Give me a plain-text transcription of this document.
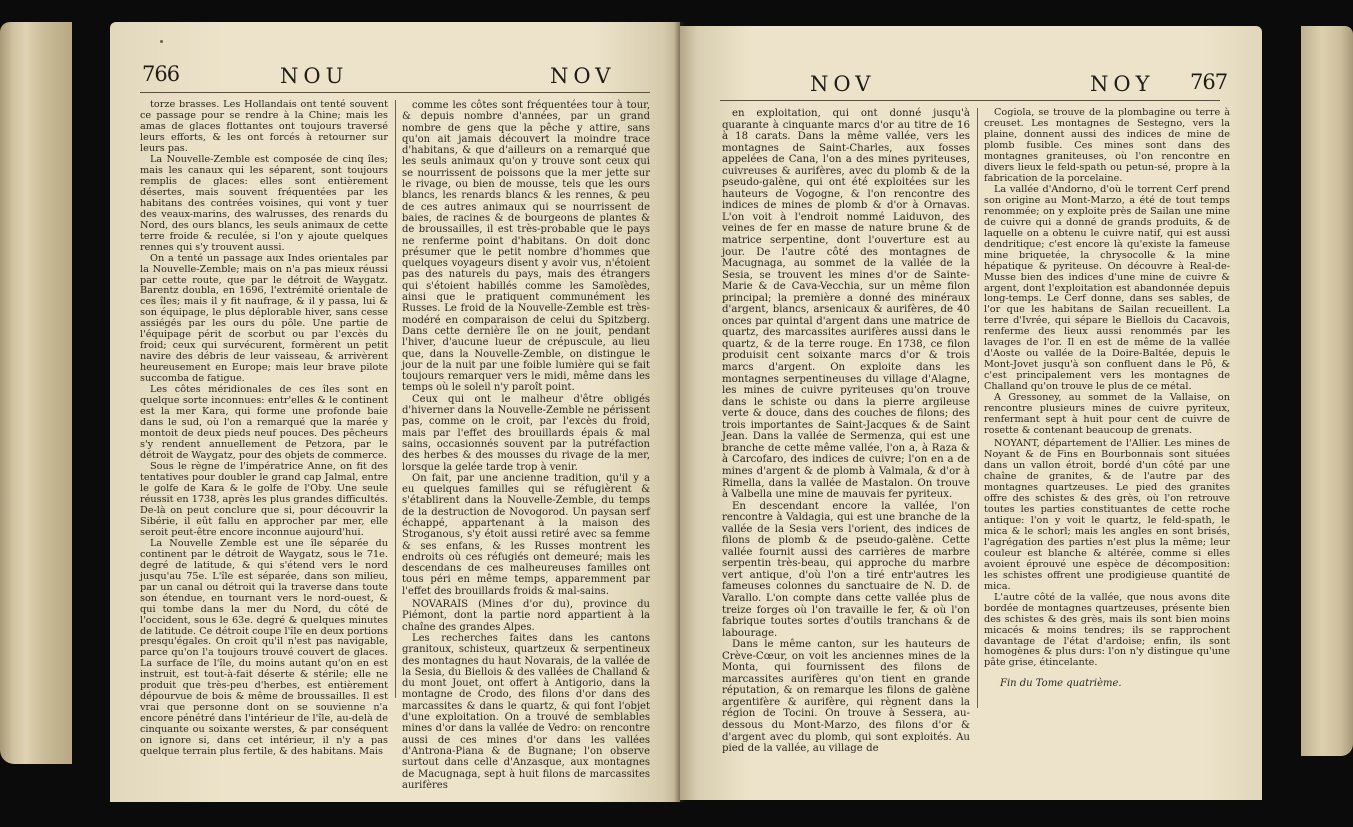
766	NOU	NOV

torze brasses. Les Hollandais ont tenté souvent ce passage pour se rendre à la Chine; mais les amas de glaces flottantes ont toujours traversé leurs efforts, & les ont forcés à retourner sur leurs pas.

La Nouvelle-Zemble est composée de cinq îles; mais les canaux qui les séparent, sont toujours remplis de glaces: elles sont entièrement désertes, mais souvent fréquentées par les habitans des contrées voisines, qui vont y tuer des veaux-marins, des walrusses, des renards du Nord, des ours blancs, les seuls animaux de cette terre froide & reculée, si l'on y ajoute quelques rennes qui s'y trouvent aussi.

On a tenté un passage aux Indes orientales par la Nouvelle-Zemble; mais on n'a pas mieux réussi par cette route, que par le détroit de Waygatz. Barentz doubla, en 1696, l'extrémité orientale de ces îles; mais il y fit naufrage, & il y passa, lui & son équipage, le plus déplorable hiver, sans cesse assiégés par les ours du pôle. Une partie de l'équipage périt de scorbut ou par l'excès du froid; ceux qui survécurent, formèrent un petit navire des débris de leur vaisseau, & arrivèrent heureusement en Europe; mais leur brave pilote succomba de fatigue.

Les côtes méridionales de ces îles sont en quelque sorte inconnues: entr'elles & le continent est la mer Kara, qui forme une profonde baie dans le sud, où l'on a remarqué que la marée y montoit de deux pieds neuf pouces. Des pêcheurs s'y rendent annuellement de Petzora, par le détroit de Waygatz, pour des objets de commerce.

Sous le règne de l'impératrice Anne, on fit des tentatives pour doubler le grand cap Jalmal, entre le golfe de Kara & le golfe de l'Oby. Une seule réussit en 1738, après les plus grandes difficultés. De-là on peut conclure que si, pour découvrir la Sibérie, il eût fallu en approcher par mer, elle seroit peut-être encore inconnue aujourd'hui.

La Nouvelle Zemble est une île séparée du continent par le détroit de Waygatz, sous le 71e. degré de latitude, & qui s'étend vers le nord jusqu'au 75e. L'île est séparée, dans son milieu, par un canal ou détroit qui la traverse dans toute son étendue, en tournant vers le nord-ouest, & qui tombe dans la mer du Nord, du côté de l'occident, sous le 63e. degré & quelques minutes de latitude. Ce détroit coupe l'île en deux portions presqu'égales. On croit qu'il n'est pas navigable, parce qu'on l'a toujours trouvé couvert de glaces. La surface de l'île, du moins autant qu'on en est instruit, est tout-à-fait déserte & stérile; elle ne produit que très-peu d'herbes, est entièrement dépourvue de bois & même de broussailles. Il est vrai que personne dont on se souvienne n'a encore pénétré dans l'intérieur de l'île, au-delà de cinquante ou soixante werstes, & par conséquent on ignore si, dans cet intérieur, il n'y a pas quelque terrain plus fertile, & des habitans. Mais

comme les côtes sont fréquentées tour à tour, & depuis nombre d'années, par un grand nombre de gens que la pêche y attire, sans qu'on ait jamais découvert la moindre trace d'habitans, & que d'ailleurs on a remarqué que les seuls animaux qu'on y trouve sont ceux qui se nourrissent de poissons que la mer jette sur le rivage, ou bien de mousse, tels que les ours blancs, les renards blancs & les rennes, & peu de ces autres animaux qui se nourrissent de baies, de racines & de bourgeons de plantes & de broussailles, il est très-probable que le pays ne renferme point d'habitans. On doit donc présumer que le petit nombre d'hommes que quelques voyageurs disent y avoir vus, n'étoient pas des naturels du pays, mais des étrangers qui s'étoient habillés comme les Samoïèdes, ainsi que le pratiquent communément les Russes. Le froid de la Nouvelle-Zemble est très-modéré en comparaison de celui du Spitzberg. Dans cette dernière île on ne jouit, pendant l'hiver, d'aucune lueur de crépuscule, au lieu que, dans la Nouvelle-Zemble, on distingue le jour de la nuit par une foible lumière qui se fait toujours remarquer vers le midi, même dans les temps où le soleil n'y paroît point.

Ceux qui ont le malheur d'être obligés d'hiverner dans la Nouvelle-Zemble ne périssent pas, comme on le croit, par l'excès du froid, mais par l'effet des brouillards épais & mal sains, occasionnés souvent par la putréfaction des herbes & des mousses du rivage de la mer, lorsque la gelée tarde trop à venir.

On fait, par une ancienne tradition, qu'il y a eu quelques familles qui se réfugièrent & s'établirent dans la Nouvelle-Zemble, du temps de la destruction de Novogorod. Un paysan serf échappé, appartenant à la maison des Stroganous, s'y étoit aussi retiré avec sa femme & ses enfans, & les Russes montrent les endroits où ces réfugiés ont demeuré; mais les descendans de ces malheureuses familles ont tous péri en même temps, apparemment par l'effet des brouillards froids & mal-sains.

NOVARAIS (Mines d'or du), province du Piémont, dont la partie nord appartient à la chaîne des grandes Alpes.

Les recherches faites dans les cantons granitoux, schisteux, quartzeux & serpentineux des montagnes du haut Novarais, de la vallée de la Sesia, du Biellois & des vallées de Challand & du mont Jouet, ont offert à Antigorio, dans la montagne de Crodo, des filons d'or dans des marcassites & dans le quartz, & qui font l'objet d'une exploitation. On a trouvé de semblables mines d'or dans la vallée de Vedro: on rencontre aussi de ces mines d'or dans les vallées d'Antrona-Piana & de Bugnane; l'on observe surtout dans celle d'Anzasque, aux montagnes de Macugnaga, sept à huit filons de marcassites aurifères

NOV	NOY 767

en exploitation, qui ont donné jusqu'à quarante à cinquante marcs d'or au titre de 16 à 18 carats. Dans la même vallée, vers les montagnes de Saint-Charles, aux fosses appelées de Cana, l'on a des mines pyriteuses, cuivreuses & aurifères, avec du plomb & de la pseudo-galène, qui ont été exploitées sur les hauteurs de Vogogne, & l'on rencontre des indices de mines de plomb & d'or à Ornavas. L'on voit à l'endroit nommé Laiduvon, des veines de fer en masse de nature brune & de matrice serpentine, dont l'ouverture est au jour. De l'autre côté des montagnes de Macugnaga, au sommet de la vallée de la Sesia, se trouvent les mines d'or de Sainte-Marie & de Cava-Vecchia, sur un même filon principal; la première a donné des minéraux d'argent, blancs, arsenicaux & aurifères, de 40 onces par quintal d'argent dans une matrice de quartz, des marcassites aurifères aussi dans le quartz, & de la terre rouge. En 1738, ce filon produisit cent soixante marcs d'or & trois marcs d'argent. On exploite dans les montagnes serpentineuses du village d'Alagne, les mines de cuivre pyriteuses qu'on trouve dans le schiste ou dans la pierre argileuse verte & douce, dans des couches de filons; des trois importantes de Saint-Jacques & de Saint Jean. Dans la vallée de Sermenza, qui est une branche de cette même vallée, l'on a, à Raza & à Carcofaro, des indices de cuivre; l'on en a de mines d'argent & de plomb à Valmala, & d'or à Rimella, dans la vallée de Mastalon. On trouve à Valbella une mine de mauvais fer pyriteux.

En descendant encore la vallée, l'on rencontre à Valdagia, qui est une branche de la vallée de la Sesia vers l'orient, des indices de filons de plomb & de pseudo-galène. Cette vallée fournit aussi des carrières de marbre serpentin très-beau, qui approche du marbre vert antique, d'où l'on a tiré entr'autres les fameuses colonnes du sanctuaire de N. D. de Varallo. L'on compte dans cette vallée plus de treize forges où l'on travaille le fer, & où l'on fabrique toutes sortes d'outils tranchans & de labourage.

Dans le même canton, sur les hauteurs de Crève-Cœur, on voit les anciennes mines de la Monta, qui fournissent des filons de marcassites aurifères qu'on tient en grande réputation, & on remarque les filons de galène argentifère & aurifère, qui règnent dans la région de Tocini. On trouve à Sessera, au-dessous du Mont-Marzo, des filons d'or & d'argent avec du plomb, qui sont exploités. Au pied de la vallée, au village de

Cogiola, se trouve de la plombagine ou terre à creuset. Les montagnes de Sestegno, vers la plaine, donnent aussi des indices de mine de plomb fusible. Ces mines sont dans des montagnes graniteuses, où l'on rencontre en divers lieux le feld-spath ou petun-sé, propre à la fabrication de la porcelaine.

La vallée d'Andorno, d'où le torrent Cerf prend son origine au Mont-Marzo, a été de tout temps renommée; on y exploite près de Sailan une mine de cuivre qui a donné de grands produits, & de laquelle on a obtenu le cuivre natif, qui est aussi dendritique; c'est encore là qu'existe la fameuse mine briquetée, la chrysocolle & la mine hépatique & pyriteuse. On découvre à Real-de-Musse bien des indices d'une mine de cuivre & argent, dont l'exploitation est abandonnée depuis long-temps. Le Cerf donne, dans ses sables, de l'or que les habitans de Sailan recueillent. La terre d'Ivrée, qui sépare le Biellois du Cacavois, renferme des lieux aussi renommés par les lavages de l'or. Il en est de même de la vallée d'Aoste ou vallée de la Doire-Baltée, depuis le Mont-Jovet jusqu'à son confluent dans le Pô, & c'est principalement vers les montagnes de Challand qu'on trouve le plus de ce métal.

A Gressoney, au sommet de la Vallaise, on rencontre plusieurs mines de cuivre pyriteux, renfermant sept à huit pour cent de cuivre de rosette & contenant beaucoup de grenats.

NOYANT, département de l'Allier. Les mines de Noyant & de Fins en Bourbonnais sont situées dans un vallon étroit, bordé d'un côté par une chaîne de granites, & de l'autre par des montagnes quartzeuses. Le pied des granites offre des schistes & des grès, où l'on retrouve toutes les parties constituantes de cette roche antique: l'on y voit le quartz, le feld-spath, le mica & le schorl; mais les angles en sont brisés, l'agrégation des parties n'est plus la même; leur couleur est blanche & altérée, comme si elles avoient éprouvé une espèce de décomposition: les schistes offrent une prodigieuse quantité de mica.

L'autre côté de la vallée, que nous avons dite bordée de montagnes quartzeuses, présente bien des schistes & des grès, mais ils sont bien moins micacés & moins tendres; ils se rapprochent davantage de l'état d'ardoise; enfin, ils sont homogènes & plus durs: l'on n'y distingue qu'une pâte grise, étincelante.

Fin du Tome quatrième.
